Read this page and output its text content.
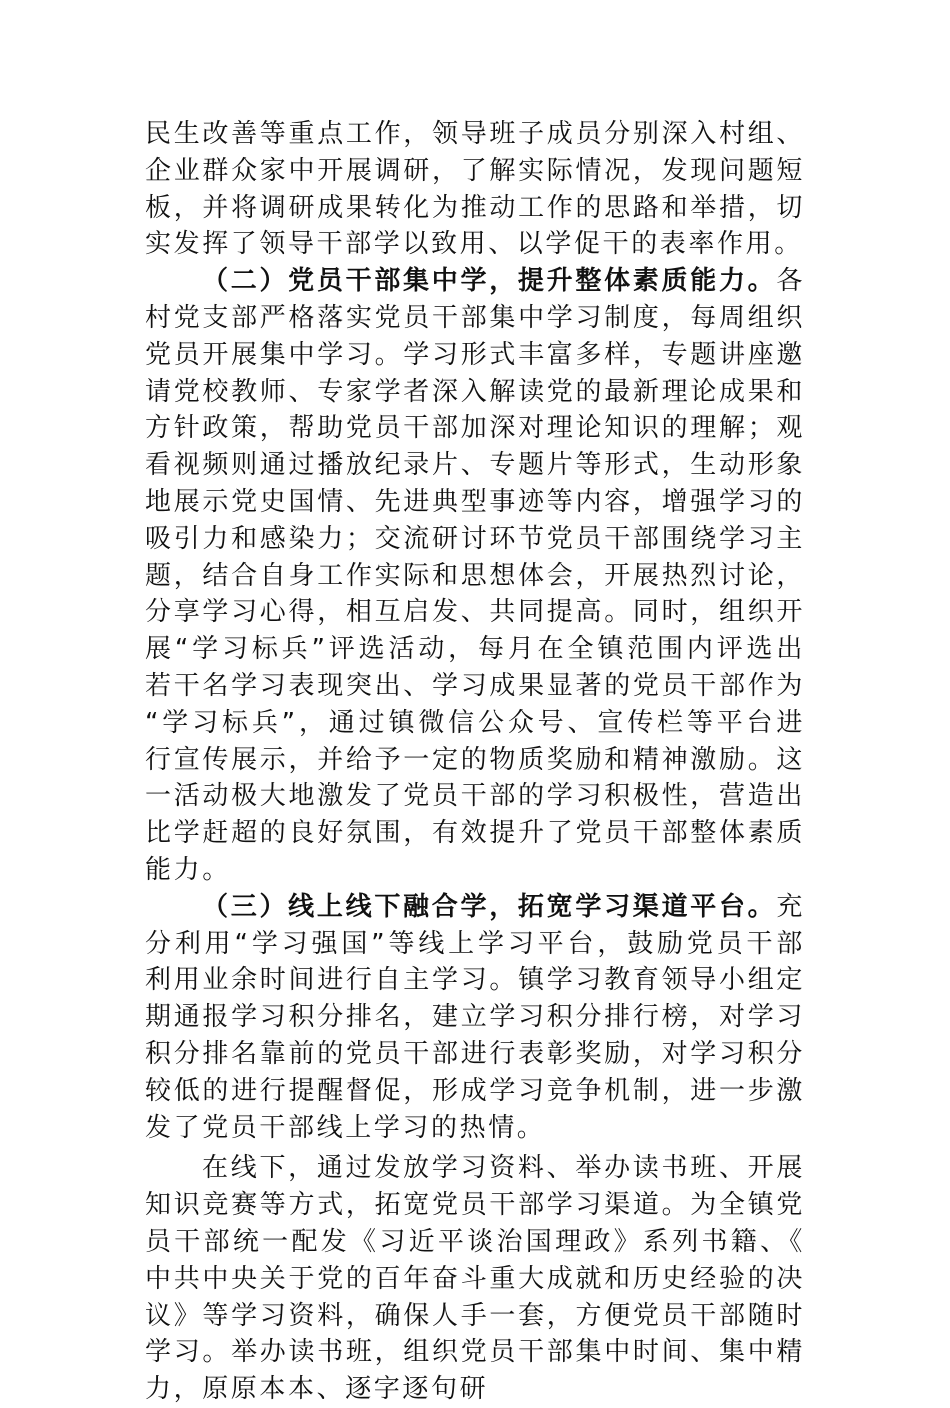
民生改善等重点工作，领导班子成员分别深入村组、企业群众家中开展调研，了解实际情况，发现问题短板，并将调研成果转化为推动工作的思路和举措，切实发挥了领导干部学以致用、以学促干的表率作用。

（二）党员干部集中学，提升整体素质能力。各村党支部严格落实党员干部集中学习制度，每周组织党员开展集中学习。学习形式丰富多样，专题讲座邀请党校教师、专家学者深入解读党的最新理论成果和方针政策，帮助党员干部加深对理论知识的理解；观看视频则通过播放纪录片、专题片等形式，生动形象地展示党史国情、先进典型事迹等内容，增强学习的吸引力和感染力；交流研讨环节党员干部围绕学习主题，结合自身工作实际和思想体会，开展热烈讨论，分享学习心得，相互启发、共同提高。同时，组织开展“学习标兵”评选活动，每月在全镇范围内评选出若干名学习表现突出、学习成果显著的党员干部作为“学习标兵”，通过镇微信公众号、宣传栏等平台进行宣传展示，并给予一定的物质奖励和精神激励。这一活动极大地激发了党员干部的学习积极性，营造出比学赶超的良好氛围，有效提升了党员干部整体素质能力。

（三）线上线下融合学，拓宽学习渠道平台。充分利用“学习强国”等线上学习平台，鼓励党员干部利用业余时间进行自主学习。镇学习教育领导小组定期通报学习积分排名，建立学习积分排行榜，对学习积分排名靠前的党员干部进行表彰奖励，对学习积分较低的进行提醒督促，形成学习竞争机制，进一步激发了党员干部线上学习的热情。

在线下，通过发放学习资料、举办读书班、开展知识竞赛等方式，拓宽党员干部学习渠道。为全镇党员干部统一配发《习近平谈治国理政》系列书籍、《中共中央关于党的百年奋斗重大成就和历史经验的决议》等学习资料，确保人手一套，方便党员干部随时学习。举办读书班，组织党员干部集中时间、集中精力，原原本本、逐字逐句研
